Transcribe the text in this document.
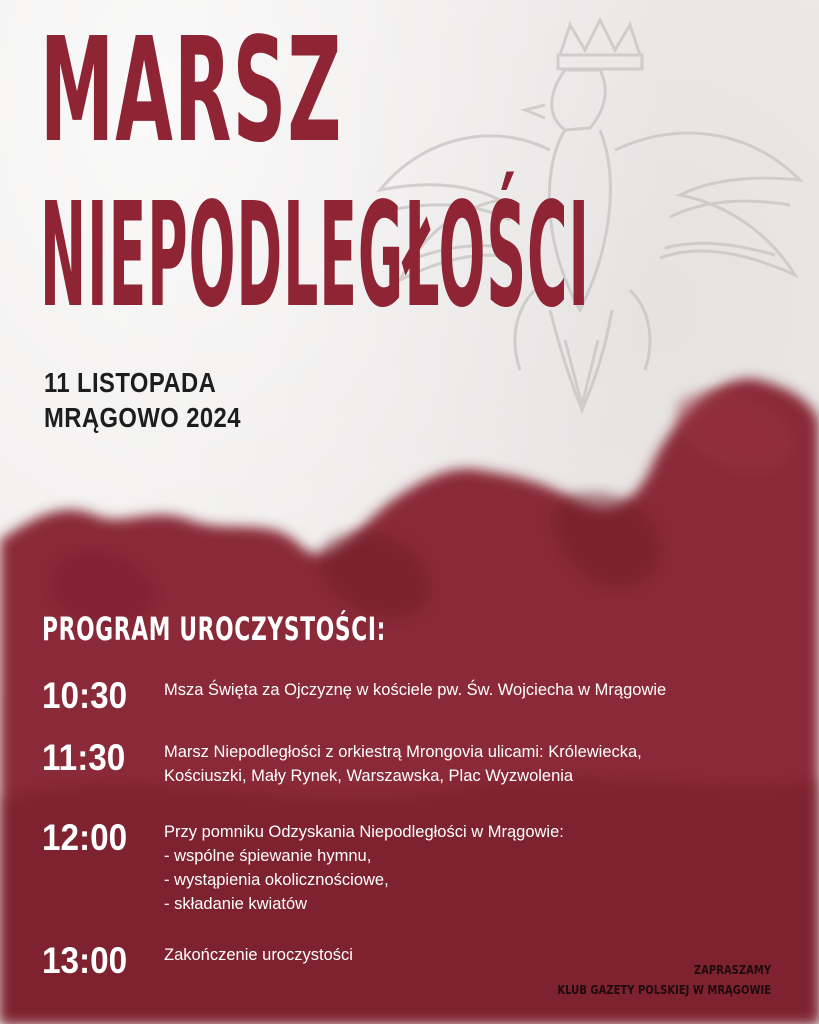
MARSZ
NIEPODLEGŁOŚCI
11 LISTOPADA
MRĄGOWO 2024
PROGRAM UROCZYSTOŚCI:
10:30 Msza Święta za Ojczyznę w kościele pw. Św. Wojciecha w Mrągowie
11:30 Marsz Niepodległości z orkiestrą Mrongovia ulicami: Królewiecka,
Kościuszki, Mały Rynek, Warszawska, Plac Wyzwolenia
12:00 Przy pomniku Odzyskania Niepodległości w Mrągowie:
- wspólne śpiewanie hymnu,
- wystąpienia okolicznościowe,
- składanie kwiatów
13:00 Zakończenie uroczystości
ZAPRASZAMY
KLUB GAZETY POLSKIEJ W MRĄGOWIE
